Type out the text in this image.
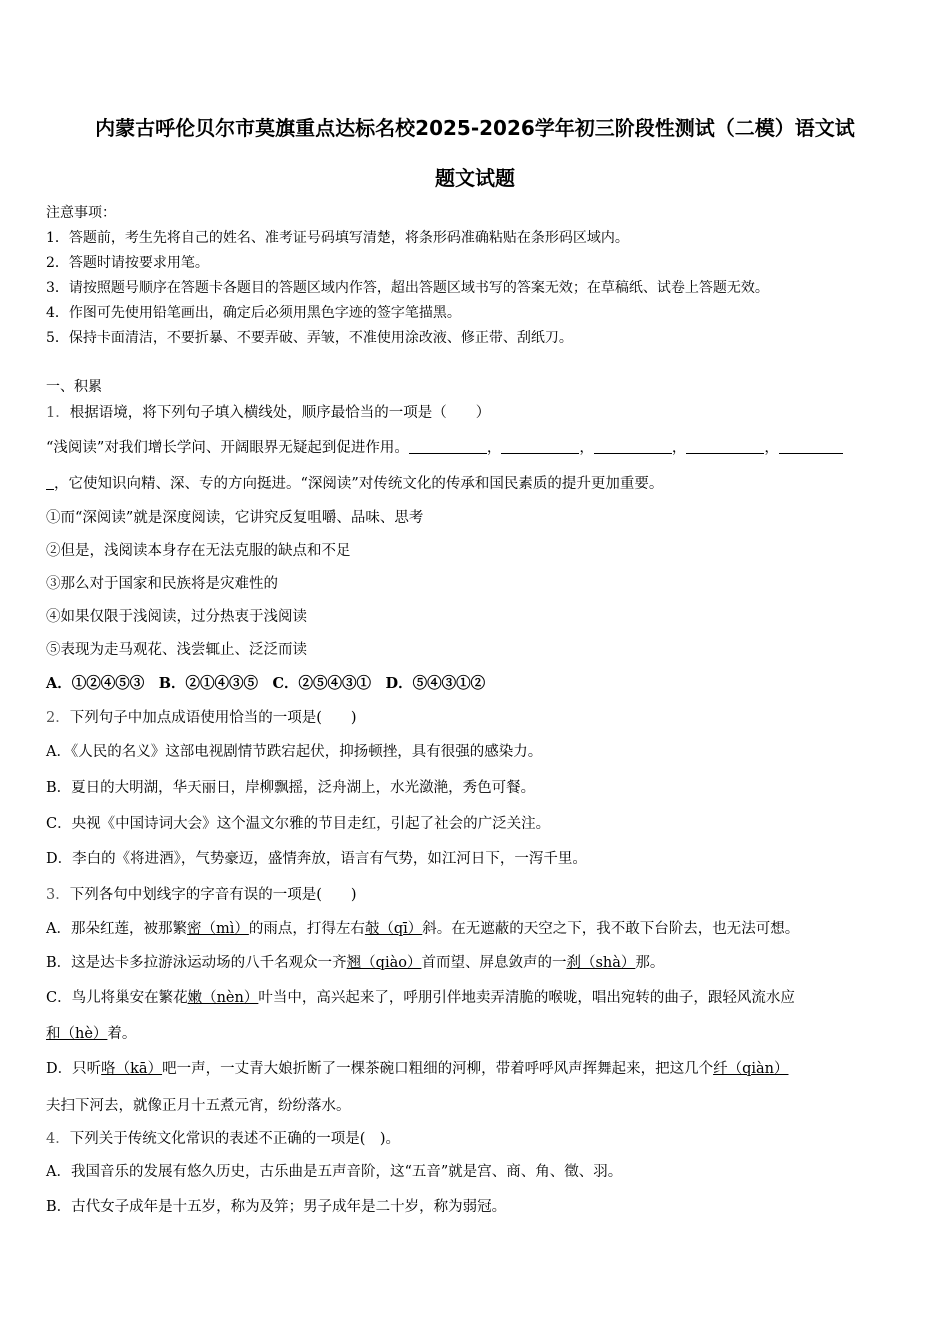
内蒙古呼伦贝尔市莫旗重点达标名校2025-2026学年初三阶段性测试（二模）语文试
题文试题
注意事项：
1．答题前，考生先将自己的姓名、准考证号码填写清楚，将条形码准确粘贴在条形码区域内。
2．答题时请按要求用笔。
3．请按照题号顺序在答题卡各题目的答题区域内作答，超出答题区域书写的答案无效；在草稿纸、试卷上答题无效。
4．作图可先使用铅笔画出，确定后必须用黑色字迹的签字笔描黑。
5．保持卡面清洁，不要折暴、不要弄破、弄皱，不准使用涂改液、修正带、刮纸刀。
一、积累
1．根据语境，将下列句子填入横线处，顺序最恰当的一项是（　　）
“浅阅读”对我们增长学问、开阔眼界无疑起到促进作用。	，	，	，	，
，它使知识向精、深、专的方向挺进。“深阅读”对传统文化的传承和国民素质的提升更加重要。
①而“深阅读”就是深度阅读，它讲究反复咀嚼、品味、思考
②但是，浅阅读本身存在无法克服的缺点和不足
③那么对于国家和民族将是灾难性的
④如果仅限于浅阅读，过分热衷于浅阅读
⑤表现为走马观花、浅尝辄止、泛泛而读
A．①②④⑤③　B．②①④③⑤　C．②⑤④③①　D．⑤④③①②
2．下列句子中加点成语使用恰当的一项是(　　)
A．《人民的名义》这部电视剧情节跌宕起伏，抑扬顿挫，具有很强的感染力。
B．夏日的大明湖，华天丽日，岸柳飘摇，泛舟湖上，水光潋滟，秀色可餐。
C．央视《中国诗词大会》这个温文尔雅的节目走红，引起了社会的广泛关注。
D．李白的《将进酒》，气势豪迈，盛情奔放，语言有气势，如江河日下，一泻千里。
3．下列各句中划线字的字音有误的一项是(　　)
A．那朵红莲，被那繁密（mì）的雨点，打得左右攲（qī）斜。在无遮蔽的天空之下，我不敢下台阶去，也无法可想。
B．这是达卡多拉游泳运动场的八千名观众一齐翘（qiào）首而望、屏息敛声的一刹（shà）那。
C．鸟儿将巢安在繁花嫩（nèn）叶当中，高兴起来了，呼朋引伴地卖弄清脆的喉咙，唱出宛转的曲子，跟轻风流水应
和（hè）着。
D．只听咯（kā）吧一声，一丈青大娘折断了一棵茶碗口粗细的河柳，带着呼呼风声挥舞起来，把这几个纤（qiàn）
夫扫下河去，就像正月十五煮元宵，纷纷落水。
4．下列关于传统文化常识的表述不正确的一项是(　)。
A．我国音乐的发展有悠久历史，古乐曲是五声音阶，这“五音”就是宫、商、角、徵、羽。
B．古代女子成年是十五岁，称为及笄；男子成年是二十岁，称为弱冠。
